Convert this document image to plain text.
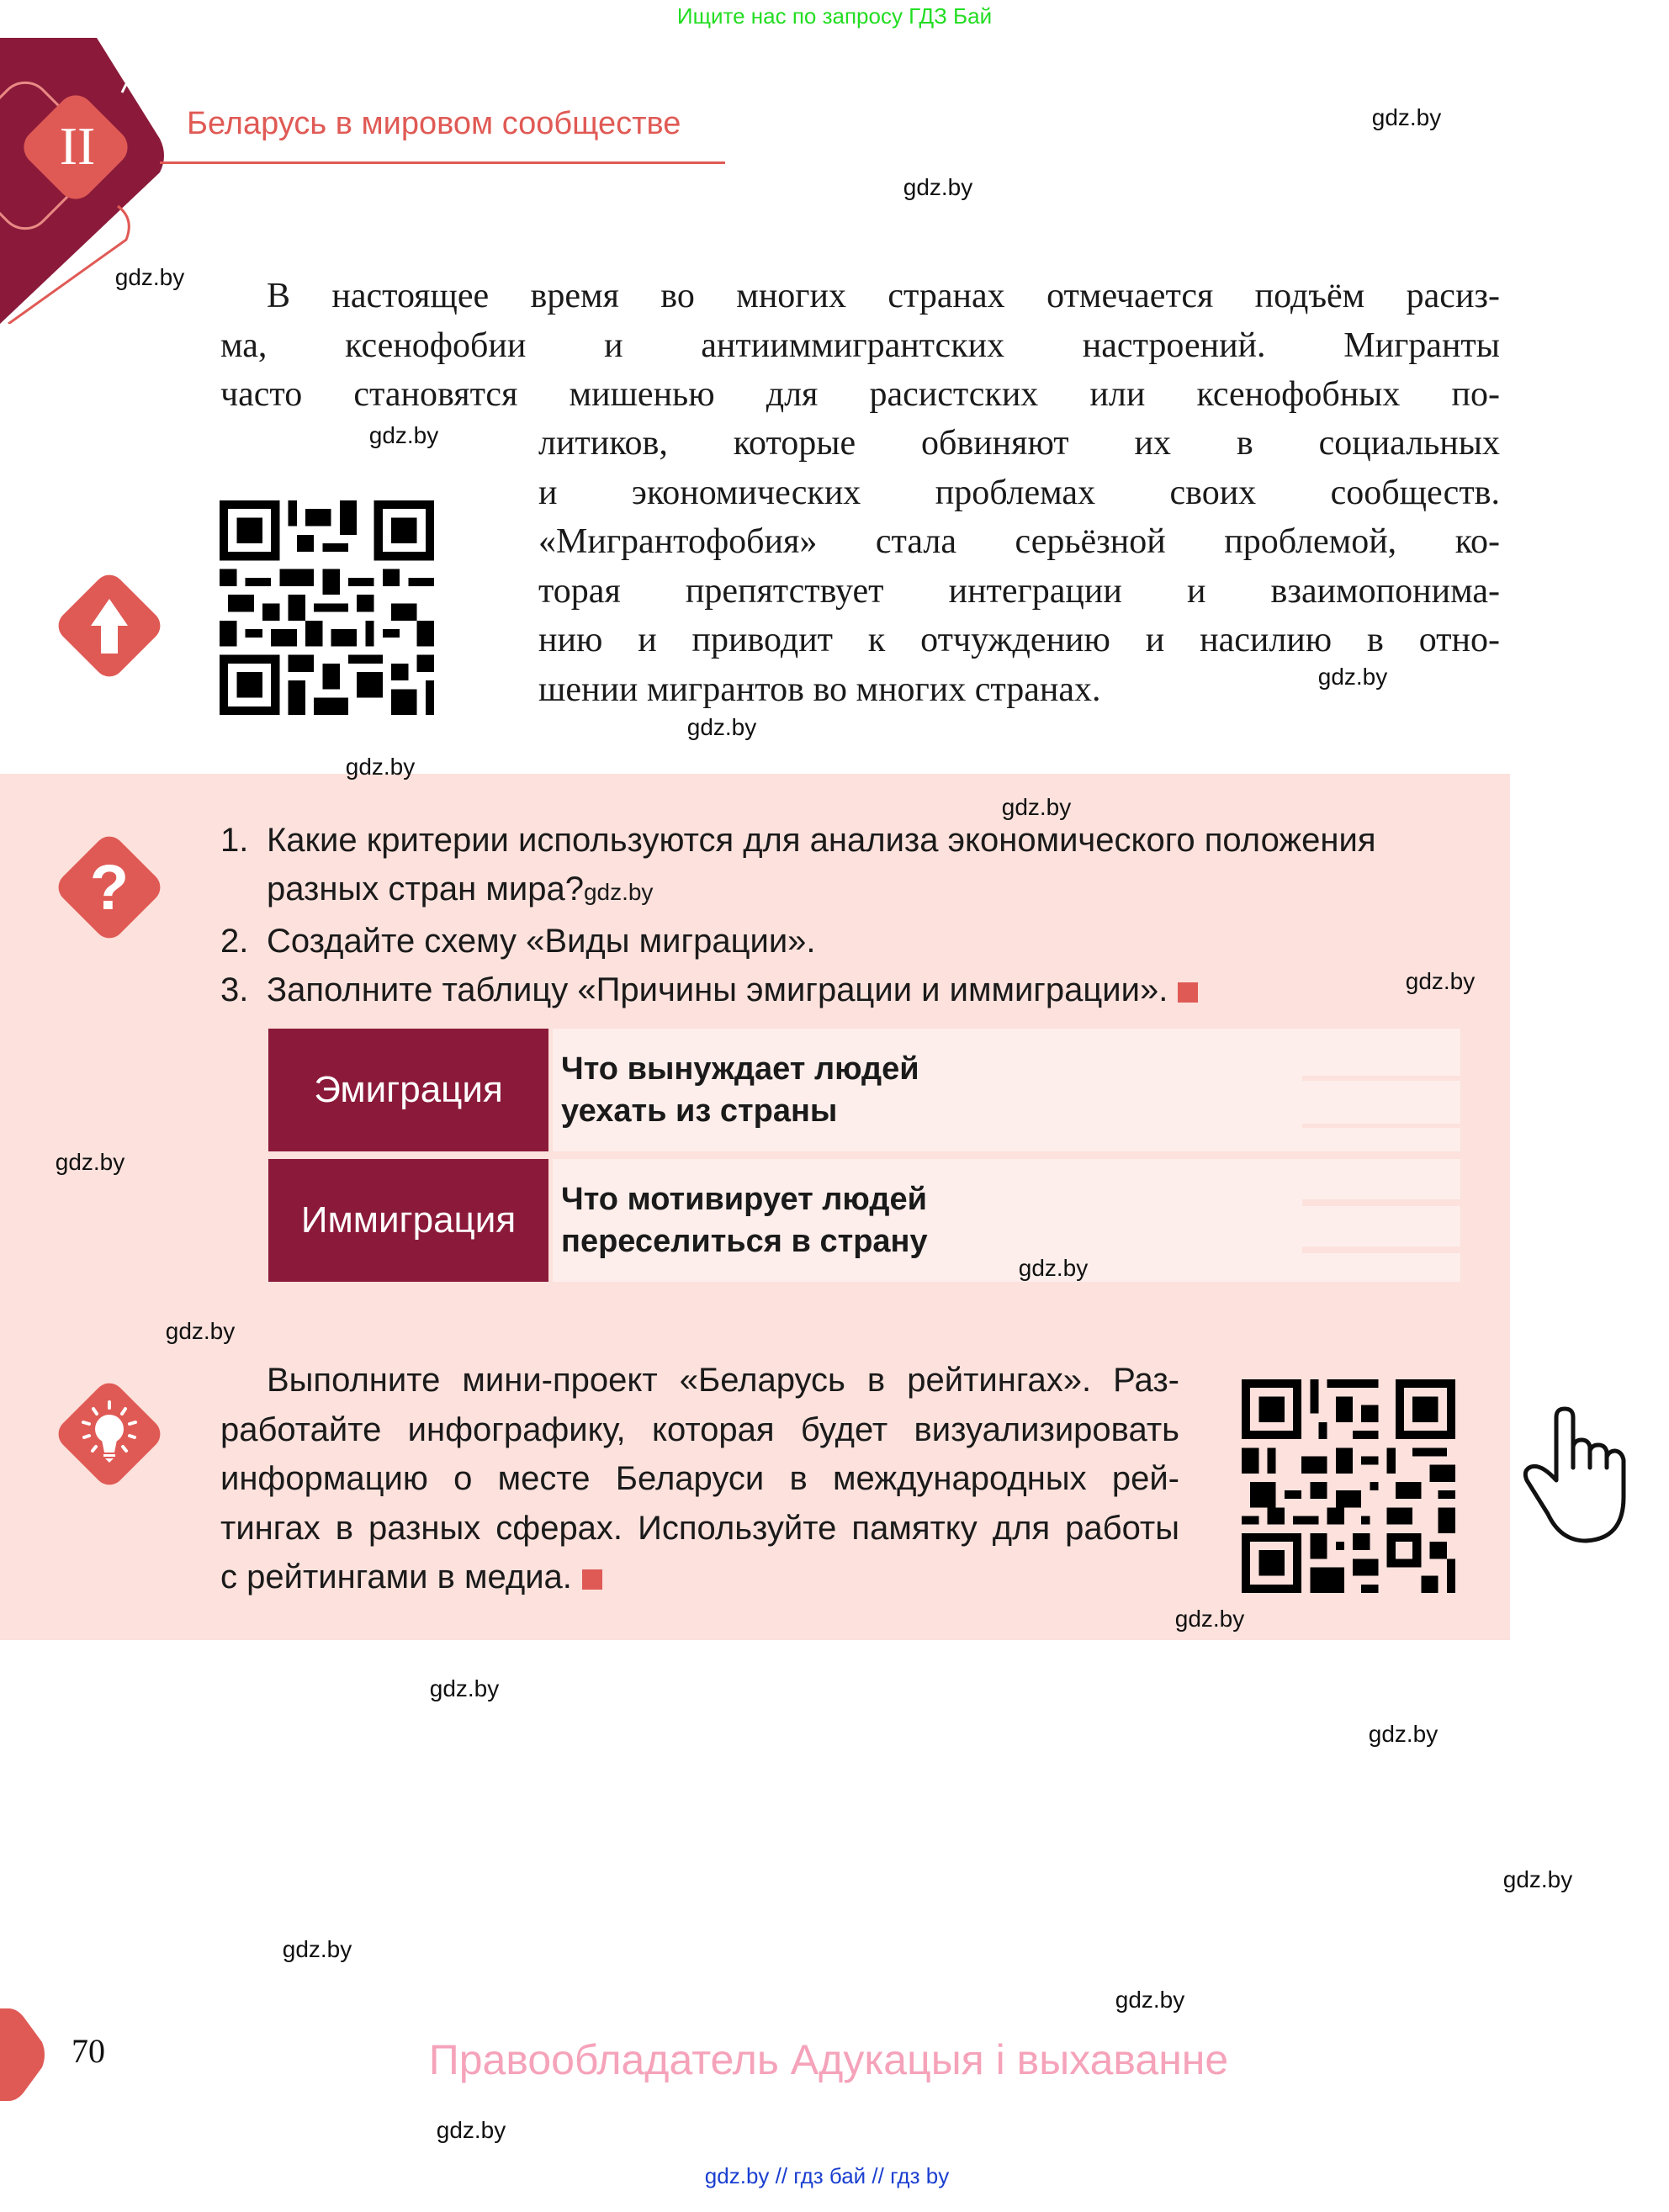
Ищите нас по запросу ГДЗ Бай
II	Беларусь в мировом сообществе
В настоящее время во многих странах отмечается подъём расиз-
ма, ксенофобии и антииммигрантских настроений. Мигранты
часто становятся мишенью для расистских или ксенофобных по-
литиков, которые обвиняют их в социальных
и экономических проблемах своих сообществ.
«Мигрантофобия» стала серьёзной проблемой, ко-
торая препятствует интеграции и взаимопонима-
нию и приводит к отчуждению и насилию в отно-
шении мигрантов во многих странах.
?
1. Какие критерии используются для анализа экономического положения
разных стран мира?gdz.by
2. Создайте схему «Виды миграции».
3. Заполните таблицу «Причины эмиграции и иммиграции».
Эмиграция	Что вынуждает людей уехать из страны
Иммиграция	Что мотивирует людей переселиться в страну
Выполните мини-проект «Беларусь в рейтингах». Раз-
работайте инфографику, которая будет визуализировать
информацию о месте Беларуси в международных рей-
тингах в разных сферах. Используйте памятку для работы
с рейтингами в медиа.
gdz.by
gdz.by
gdz.by
gdz.by
gdz.by
gdz.by
gdz.by
gdz.by
gdz.by
gdz.by
gdz.by
gdz.by
gdz.by
gdz.by
gdz.by
gdz.by
gdz.by
gdz.by
gdz.by
70	Правообладатель Адукацыя і выхаванне
gdz.by // гдз бай // гдз by
